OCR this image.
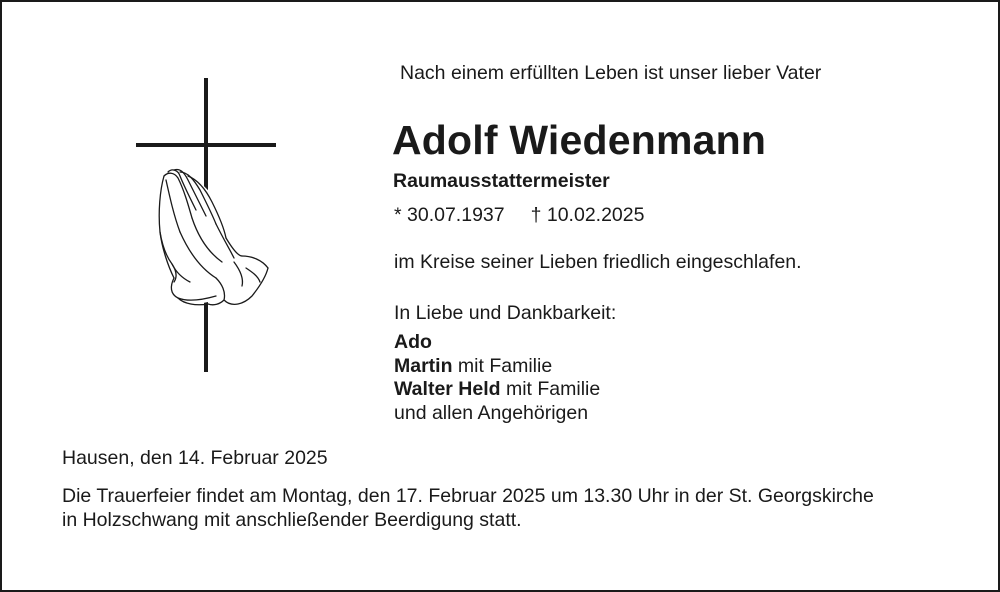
Nach einem erfüllten Leben ist unser lieber Vater
Adolf Wiedenmann
Raumausstattermeister
* 30.07.1937 † 10.02.2025
im Kreise seiner Lieben friedlich eingeschlafen.
In Liebe und Dankbarkeit:
Ado
Martin mit Familie
Walter Held mit Familie
und allen Angehörigen
Hausen, den 14. Februar 2025
Die Trauerfeier findet am Montag, den 17. Februar 2025 um 13.30 Uhr in der St. Georgskirche
in Holzschwang mit anschließender Beerdigung statt.
